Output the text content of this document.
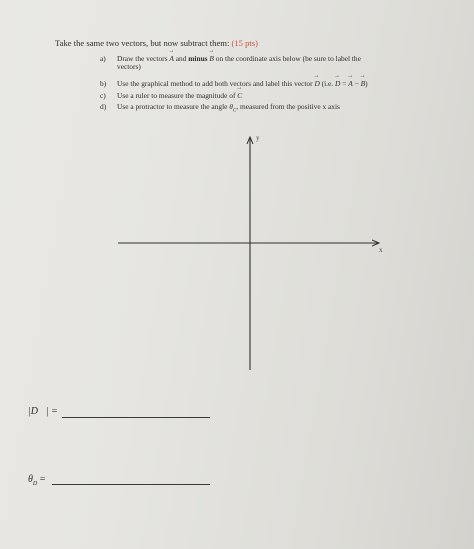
Take the same two vectors, but now subtract them: (15 pts)
a) Draw the vectors → A and minus → B on the coordinate axis below (be sure to label the
vectors)
b) Use the graphical method to add both vectors and label this vector → D (i.e. → D = → A − → B)
c) Use a ruler to measure the magnitude of → C
d) Use a protractor to measure the angle $\theta_C$, measured from the positive x axis
y
x
|D⃗| =
$\theta_D$ =
